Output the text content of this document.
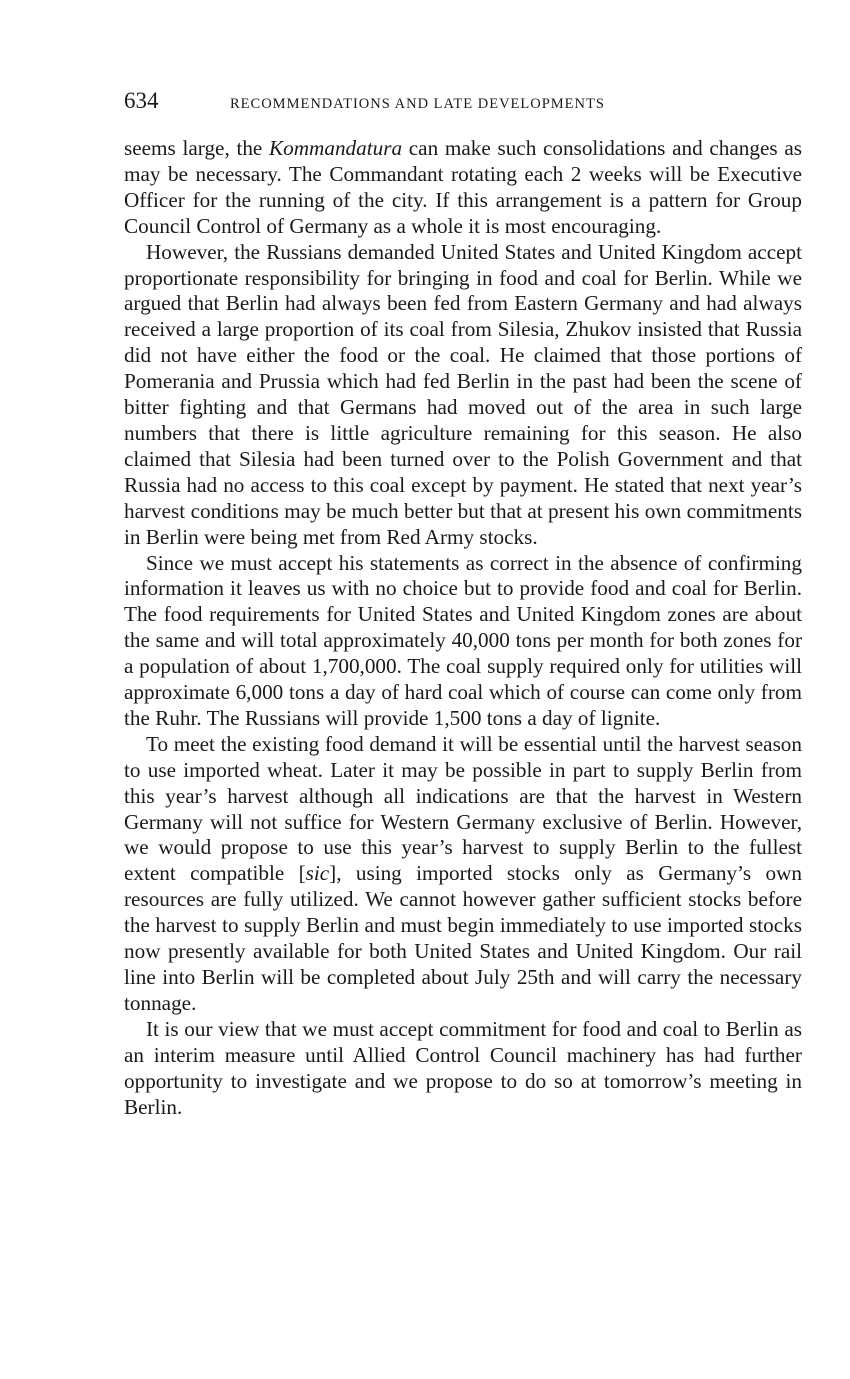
634	RECOMMENDATIONS AND LATE DEVELOPMENTS

seems large, the Kommandatura can make such consolidations and changes as may be necessary. The Commandant rotating each 2 weeks will be Executive Officer for the running of the city. If this arrangement is a pattern for Group Council Control of Germany as a whole it is most encouraging.

However, the Russians demanded United States and United Kingdom accept proportionate responsibility for bringing in food and coal for Berlin. While we argued that Berlin had always been fed from Eastern Germany and had always received a large proportion of its coal from Silesia, Zhukov insisted that Russia did not have either the food or the coal. He claimed that those portions of Pomerania and Prussia which had fed Berlin in the past had been the scene of bitter fighting and that Germans had moved out of the area in such large numbers that there is little agriculture remaining for this season. He also claimed that Silesia had been turned over to the Polish Government and that Russia had no access to this coal except by payment. He stated that next year’s harvest conditions may be much better but that at present his own commitments in Berlin were being met from Red Army stocks.

Since we must accept his statements as correct in the absence of confirming information it leaves us with no choice but to provide food and coal for Berlin. The food requirements for United States and United Kingdom zones are about the same and will total approximately 40,000 tons per month for both zones for a population of about 1,700,000. The coal supply required only for utilities will approximate 6,000 tons a day of hard coal which of course can come only from the Ruhr. The Russians will provide 1,500 tons a day of lignite.

To meet the existing food demand it will be essential until the harvest season to use imported wheat. Later it may be possible in part to supply Berlin from this year’s harvest although all indications are that the harvest in Western Germany will not suffice for Western Germany exclusive of Berlin. However, we would propose to use this year’s harvest to supply Berlin to the fullest extent compatible [sic], using imported stocks only as Germany’s own resources are fully utilized. We cannot however gather sufficient stocks before the harvest to supply Berlin and must begin immediately to use imported stocks now presently available for both United States and United Kingdom. Our rail line into Berlin will be completed about July 25th and will carry the necessary tonnage.

It is our view that we must accept commitment for food and coal to Berlin as an interim measure until Allied Control Council machinery has had further opportunity to investigate and we propose to do so at tomorrow’s meeting in Berlin.
